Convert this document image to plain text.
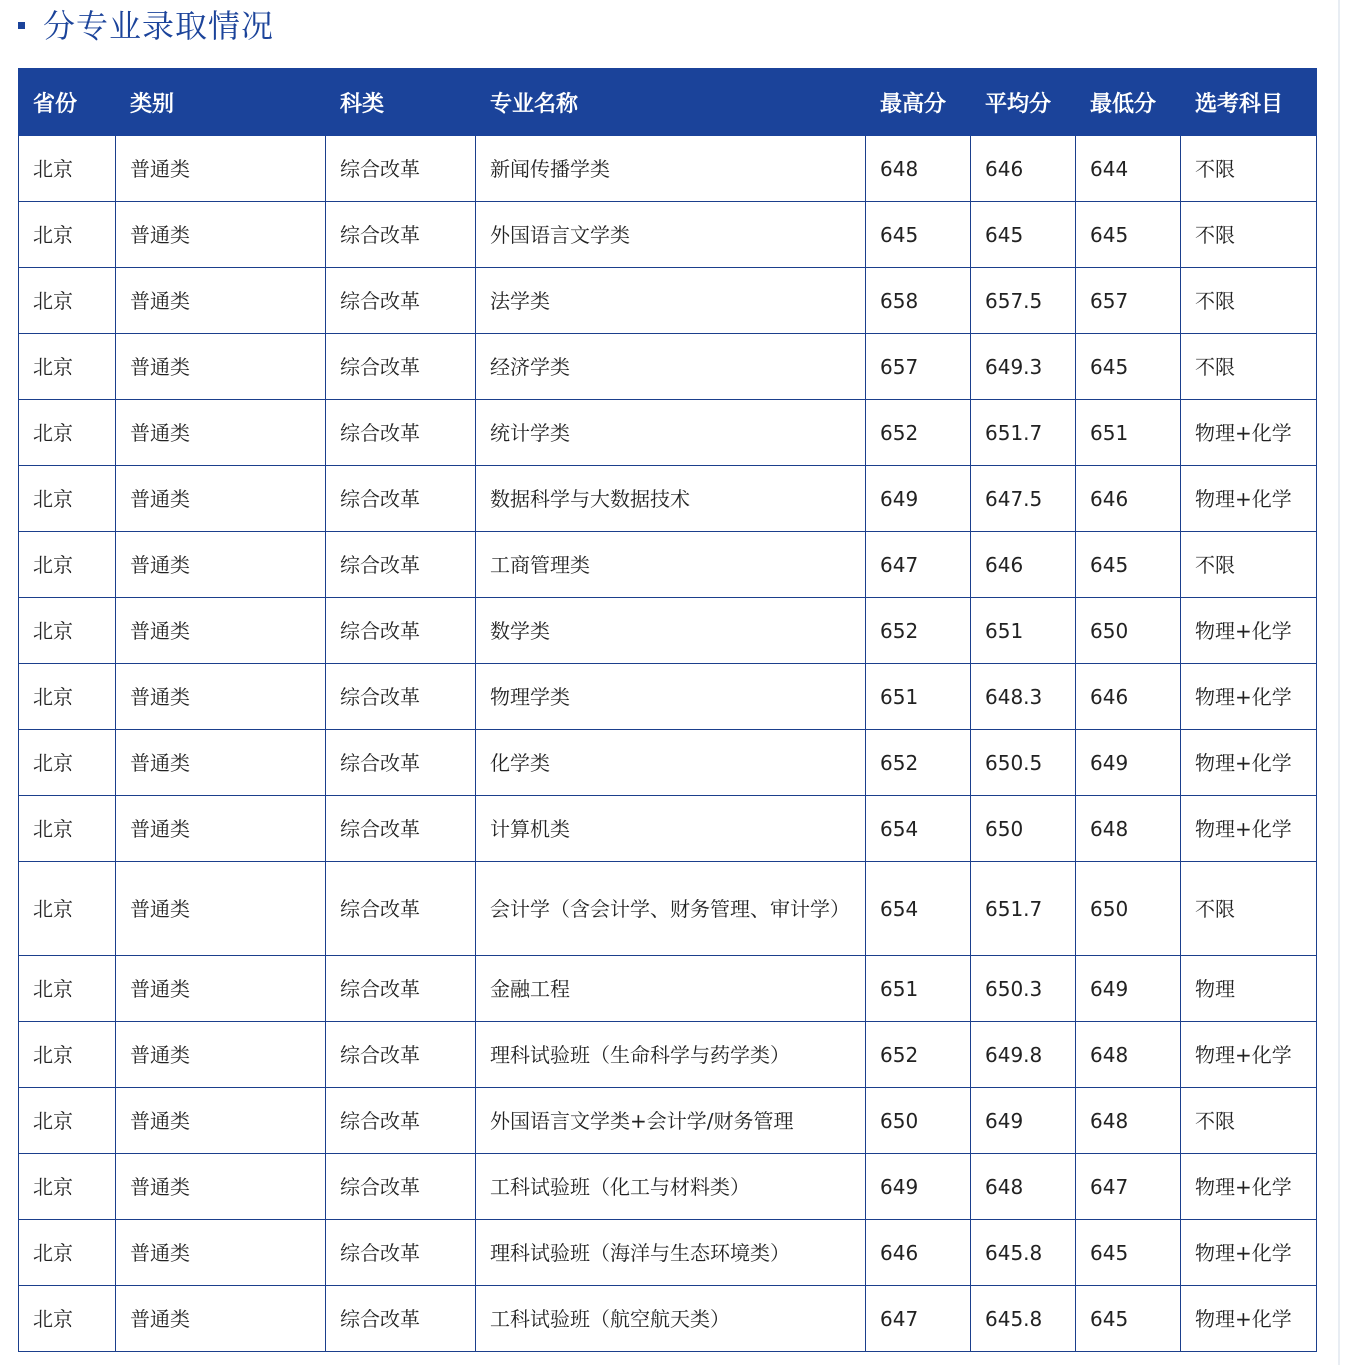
分专业录取情况
省份	类别	科类	专业名称	最高分	平均分	最低分	选考科目
北京	普通类	综合改革	新闻传播学类	648	646	644	不限
北京	普通类	综合改革	外国语言文学类	645	645	645	不限
北京	普通类	综合改革	法学类	658	657.5	657	不限
北京	普通类	综合改革	经济学类	657	649.3	645	不限
北京	普通类	综合改革	统计学类	652	651.7	651	物理+化学
北京	普通类	综合改革	数据科学与大数据技术	649	647.5	646	物理+化学
北京	普通类	综合改革	工商管理类	647	646	645	不限
北京	普通类	综合改革	数学类	652	651	650	物理+化学
北京	普通类	综合改革	物理学类	651	648.3	646	物理+化学
北京	普通类	综合改革	化学类	652	650.5	649	物理+化学
北京	普通类	综合改革	计算机类	654	650	648	物理+化学
北京	普通类	综合改革	会计学（含会计学、财务管理、审计学）	654	651.7	650	不限
北京	普通类	综合改革	金融工程	651	650.3	649	物理
北京	普通类	综合改革	理科试验班（生命科学与药学类）	652	649.8	648	物理+化学
北京	普通类	综合改革	外国语言文学类+会计学/财务管理	650	649	648	不限
北京	普通类	综合改革	工科试验班（化工与材料类）	649	648	647	物理+化学
北京	普通类	综合改革	理科试验班（海洋与生态环境类）	646	645.8	645	物理+化学
北京	普通类	综合改革	工科试验班（航空航天类）	647	645.8	645	物理+化学
